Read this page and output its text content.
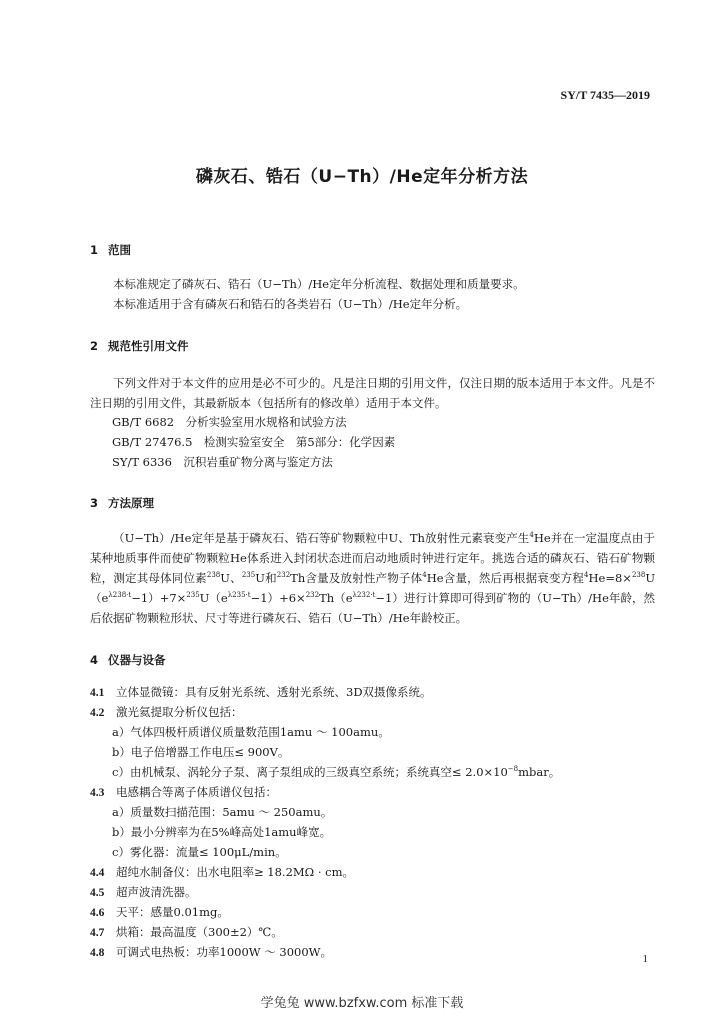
SY/T 7435—2019
磷灰石、锆石（U−Th）/He定年分析方法
1 范围
本标准规定了磷灰石、锆石（U−Th）/He定年分析流程、数据处理和质量要求。
本标准适用于含有磷灰石和锆石的各类岩石（U−Th）/He定年分析。
2 规范性引用文件
下列文件对于本文件的应用是必不可少的。凡是注日期的引用文件，仅注日期的版本适用于本文件。凡是不注日期的引用文件，其最新版本（包括所有的修改单）适用于本文件。
GB/T 6682　分析实验室用水规格和试验方法
GB/T 27476.5　检测实验室安全　第5部分：化学因素
SY/T 6336　沉积岩重矿物分离与鉴定方法
3 方法原理
（U−Th）/He定年是基于磷灰石、锆石等矿物颗粒中U、Th放射性元素衰变产生$^4$He并在一定温度点由于某种地质事件而使矿物颗粒He体系进入封闭状态进而启动地质时钟进行定年。挑选合适的磷灰石、锆石矿物颗粒，测定其母体同位素$^{238}$U、$^{235}$U和$^{232}$Th含量及放射性产物子体$^4$He含量，然后再根据衰变方程$^4He=8\times^{238}U(e^{\lambda 238\cdot t}-1)+7\times^{235}U(e^{\lambda 235\cdot t}-1)+6\times^{232}Th(e^{\lambda 232\cdot t}-1)$进行计算即可得到矿物的（U−Th）/He年龄，然后依据矿物颗粒形状、尺寸等进行磷灰石、锆石（U−Th）/He年龄校正。
4 仪器与设备
4.1 立体显微镜：具有反射光系统、透射光系统、3D双摄像系统。
4.2 激光氦提取分析仪包括：
a）气体四极杆质谱仪质量数范围1amu ～ 100amu。
b）电子倍增器工作电压≤ 900V。
c）由机械泵、涡轮分子泵、离子泵组成的三级真空系统；系统真空≤ $2.0\times 10^{-8}mbar$。
4.3 电感耦合等离子体质谱仪包括：
a）质量数扫描范围：5amu ～ 250amu。
b）最小分辨率为在5%峰高处1amu峰宽。
c）雾化器：流量≤ 100μL/min。
4.4 超纯水制备仪：出水电阻率≥ 18.2MΩ · cm。
4.5 超声波清洗器。
4.6 天平：感量0.01mg。
4.7 烘箱：最高温度（300±2）℃。
4.8 可调式电热板：功率1000W ～ 3000W。	1
学兔兔 www.bzfxw.com 标准下载
